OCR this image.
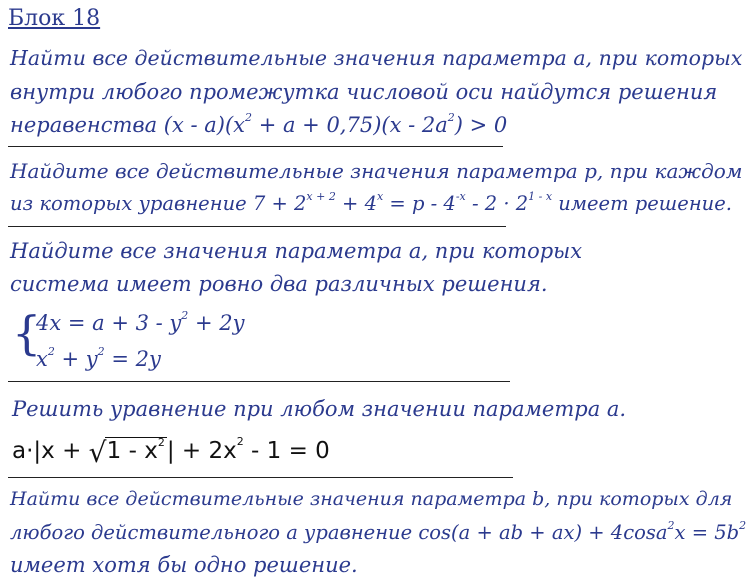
Блок 18
Найти все действительные значения параметра a, при которых
внутри любого промежутка числовой оси найдутся решения
неравенства $(x - a)(x^2 + a + 0,75)(x - 2a^2) > 0$
Найдите все действительные значения параметра p, при каждом
из которых уравнение $7 + 2^{x + 2} + 4^x = p - 4^{-x} - 2 \cdot 2^{1 - x}$ имеет решение.
Найдите все значения параметра a, при которых
система имеет ровно два различных решения.
{
$4x = a + 3 - y^2 + 2y$
$x^2 + y^2 = 2y$
Решить уравнение при любом значении параметра a.
a·|x + √ $1 - x^2| + 2x^2 - 1 = 0$
Найти все действительные значения параметра b, при которых для
любого действительного a уравнение cos(a + ab + $ax) + 4\cos a^2x = 5b^2$
имеет хотя бы одно решение.
